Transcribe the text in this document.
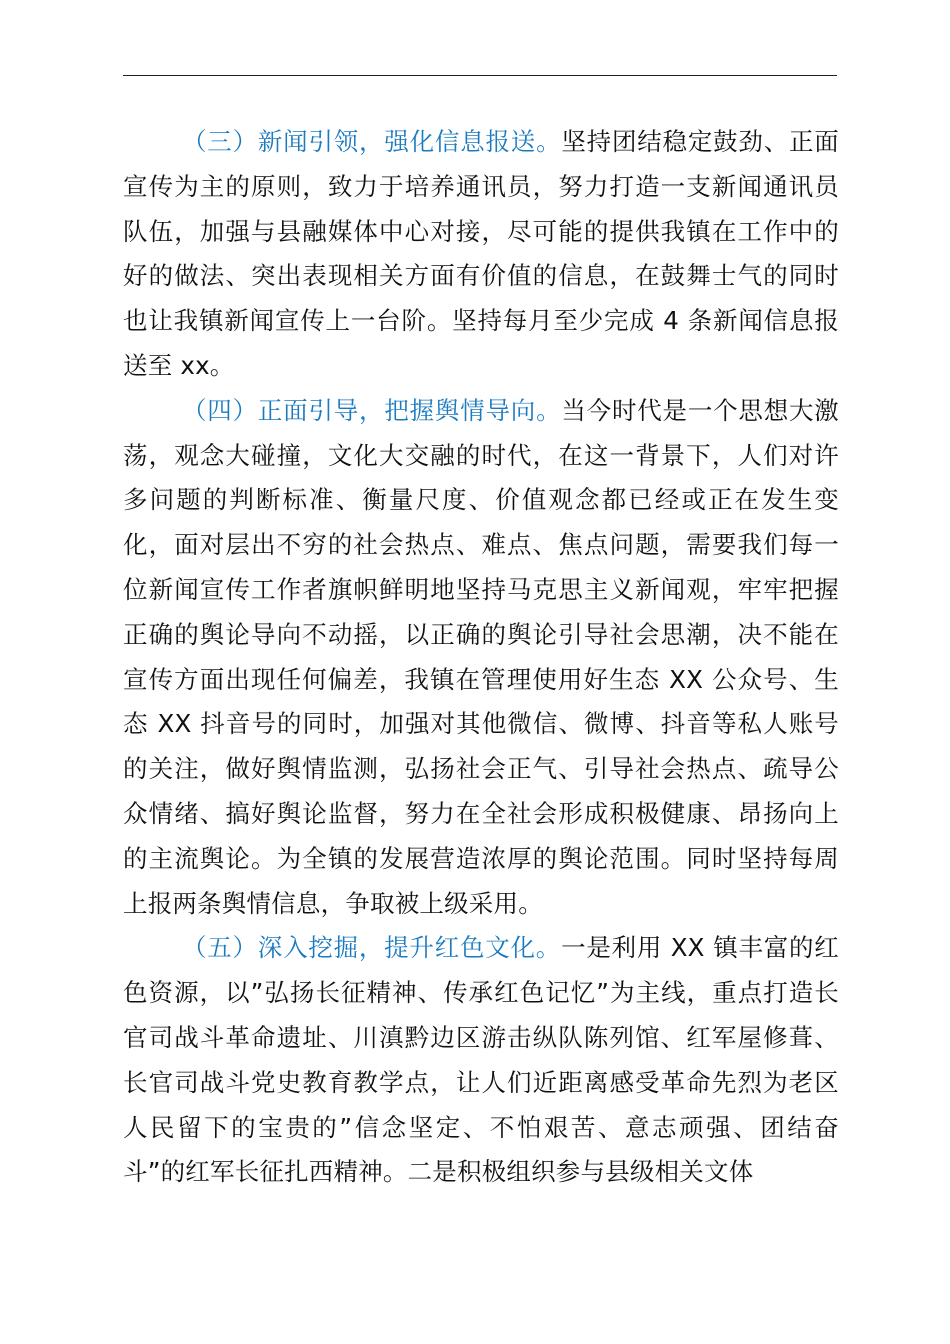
（三）新闻引领，强化信息报送。坚持团结稳定鼓劲、正面宣传为主的原则，致力于培养通讯员，努力打造一支新闻通讯员队伍，加强与县融媒体中心对接，尽可能的提供我镇在工作中的好的做法、突出表现相关方面有价值的信息，在鼓舞士气的同时也让我镇新闻宣传上一台阶。坚持每月至少完成 4 条新闻信息报送至 xx。

（四）正面引导，把握舆情导向。当今时代是一个思想大激荡，观念大碰撞，文化大交融的时代，在这一背景下，人们对许多问题的判断标准、衡量尺度、价值观念都已经或正在发生变化，面对层出不穷的社会热点、难点、焦点问题，需要我们每一位新闻宣传工作者旗帜鲜明地坚持马克思主义新闻观，牢牢把握正确的舆论导向不动摇，以正确的舆论引导社会思潮，决不能在宣传方面出现任何偏差，我镇在管理使用好生态 XX 公众号、生态 XX 抖音号的同时，加强对其他微信、微博、抖音等私人账号的关注，做好舆情监测，弘扬社会正气、引导社会热点、疏导公众情绪、搞好舆论监督，努力在全社会形成积极健康、昂扬向上的主流舆论。为全镇的发展营造浓厚的舆论范围。同时坚持每周上报两条舆情信息，争取被上级采用。

（五）深入挖掘，提升红色文化。一是利用 XX 镇丰富的红色资源，以”弘扬长征精神、传承红色记忆”为主线，重点打造长官司战斗革命遗址、川滇黔边区游击纵队陈列馆、红军屋修葺、长官司战斗党史教育教学点，让人们近距离感受革命先烈为老区人民留下的宝贵的”信念坚定、不怕艰苦、意志顽强、团结奋斗”的红军长征扎西精神。二是积极组织参与县级相关文体
